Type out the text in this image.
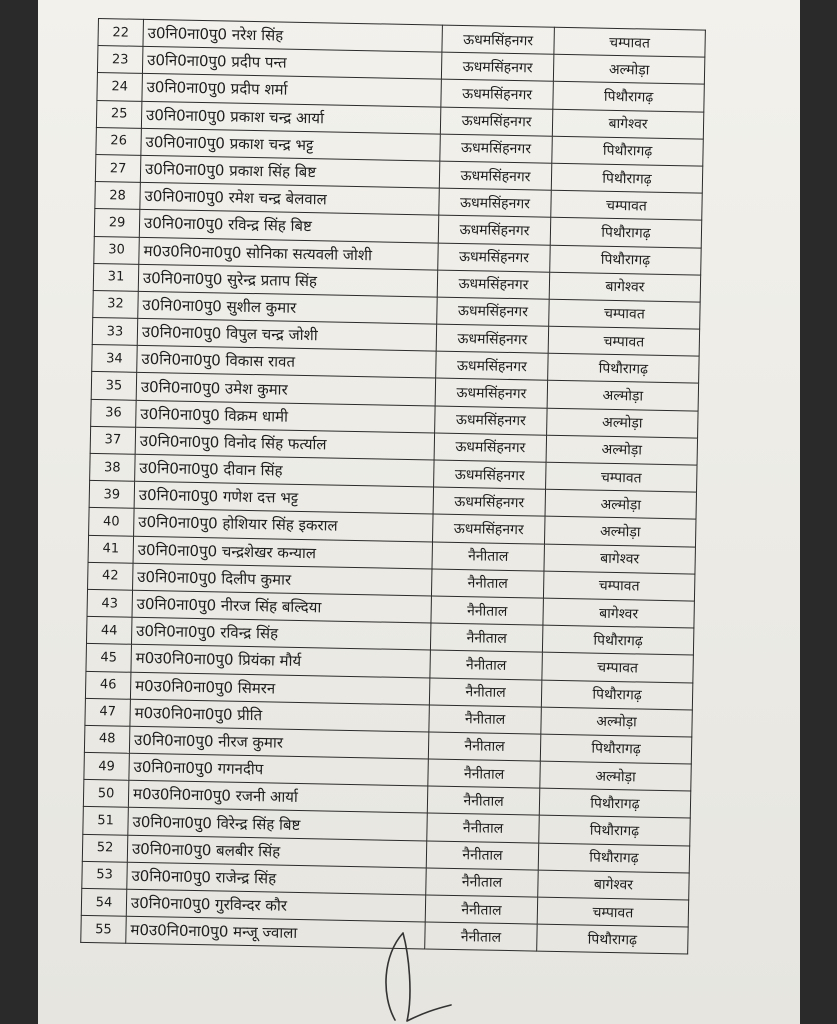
22	उ0नि0ना0पु0 नरेश सिंह	ऊधमसिंहनगर	चम्पावत
23	उ0नि0ना0पु0 प्रदीप पन्त	ऊधमसिंहनगर	अल्मोड़ा
24	उ0नि0ना0पु0 प्रदीप शर्मा	ऊधमसिंहनगर	पिथौरागढ़
25	उ0नि0ना0पु0 प्रकाश चन्द्र आर्या	ऊधमसिंहनगर	बागेश्वर
26	उ0नि0ना0पु0 प्रकाश चन्द्र भट्ट	ऊधमसिंहनगर	पिथौरागढ़
27	उ0नि0ना0पु0 प्रकाश सिंह बिष्ट	ऊधमसिंहनगर	पिथौरागढ़
28	उ0नि0ना0पु0 रमेश चन्द्र बेलवाल	ऊधमसिंहनगर	चम्पावत
29	उ0नि0ना0पु0 रविन्द्र सिंह बिष्ट	ऊधमसिंहनगर	पिथौरागढ़
30	म0उ0नि0ना0पु0 सोनिका सत्यवली जोशी	ऊधमसिंहनगर	पिथौरागढ़
31	उ0नि0ना0पु0 सुरेन्द्र प्रताप सिंह	ऊधमसिंहनगर	बागेश्वर
32	उ0नि0ना0पु0 सुशील कुमार	ऊधमसिंहनगर	चम्पावत
33	उ0नि0ना0पु0 विपुल चन्द्र जोशी	ऊधमसिंहनगर	चम्पावत
34	उ0नि0ना0पु0 विकास रावत	ऊधमसिंहनगर	पिथौरागढ़
35	उ0नि0ना0पु0 उमेश कुमार	ऊधमसिंहनगर	अल्मोड़ा
36	उ0नि0ना0पु0 विक्रम धामी	ऊधमसिंहनगर	अल्मोड़ा
37	उ0नि0ना0पु0 विनोद सिंह फर्त्याल	ऊधमसिंहनगर	अल्मोड़ा
38	उ0नि0ना0पु0 दीवान सिंह	ऊधमसिंहनगर	चम्पावत
39	उ0नि0ना0पु0 गणेश दत्त भट्ट	ऊधमसिंहनगर	अल्मोड़ा
40	उ0नि0ना0पु0 होशियार सिंह इकराल	ऊधमसिंहनगर	अल्मोड़ा
41	उ0नि0ना0पु0 चन्द्रशेखर कन्याल	नैनीताल	बागेश्वर
42	उ0नि0ना0पु0 दिलीप कुमार	नैनीताल	चम्पावत
43	उ0नि0ना0पु0 नीरज सिंह बल्दिया	नैनीताल	बागेश्वर
44	उ0नि0ना0पु0 रविन्द्र सिंह	नैनीताल	पिथौरागढ़
45	म0उ0नि0ना0पु0 प्रियंका मौर्य	नैनीताल	चम्पावत
46	म0उ0नि0ना0पु0 सिमरन	नैनीताल	पिथौरागढ़
47	म0उ0नि0ना0पु0 प्रीति	नैनीताल	अल्मोड़ा
48	उ0नि0ना0पु0 नीरज कुमार	नैनीताल	पिथौरागढ़
49	उ0नि0ना0पु0 गगनदीप	नैनीताल	अल्मोड़ा
50	म0उ0नि0ना0पु0 रजनी आर्या	नैनीताल	पिथौरागढ़
51	उ0नि0ना0पु0 विरेन्द्र सिंह बिष्ट	नैनीताल	पिथौरागढ़
52	उ0नि0ना0पु0 बलबीर सिंह	नैनीताल	पिथौरागढ़
53	उ0नि0ना0पु0 राजेन्द्र सिंह	नैनीताल	बागेश्वर
54	उ0नि0ना0पु0 गुरविन्दर कौर	नैनीताल	चम्पावत
55	म0उ0नि0ना0पु0 मन्जू ज्वाला	नैनीताल	पिथौरागढ़
